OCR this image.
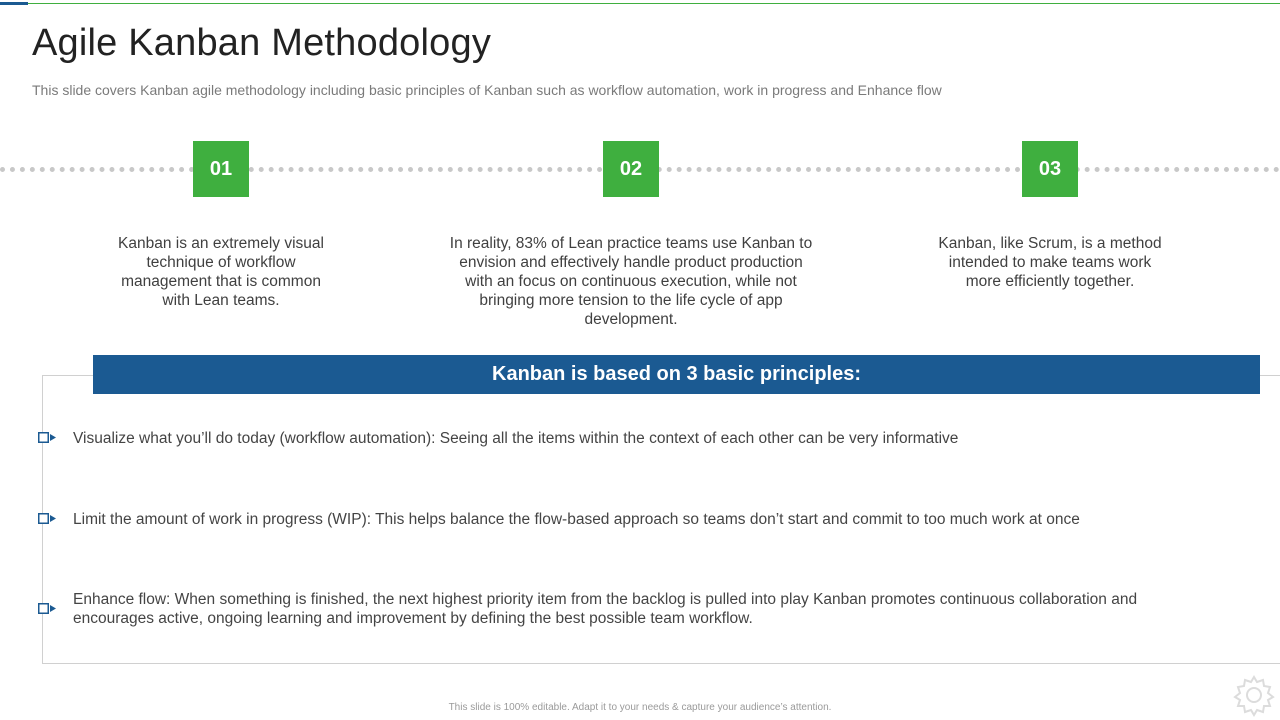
Agile Kanban Methodology
This slide covers Kanban agile methodology including basic principles of Kanban such as workflow automation, work in progress and Enhance flow
01	02	03
Kanban is an extremely visual technique of workflow management that is common with Lean teams.
In reality, 83% of Lean practice teams use Kanban to envision and effectively handle product production with an focus on continuous execution, while not bringing more tension to the life cycle of app development.
Kanban, like Scrum, is a method intended to make teams work more efficiently together.
Kanban is based on 3 basic principles:
Visualize what you’ll do today (workflow automation): Seeing all the items within the context of each other can be very informative
Limit the amount of work in progress (WIP): This helps balance the flow-based approach so teams don’t start and commit to too much work at once
Enhance flow: When something is finished, the next highest priority item from the backlog is pulled into play Kanban promotes continuous collaboration and encourages active, ongoing learning and improvement by defining the best possible team workflow.
This slide is 100% editable. Adapt it to your needs & capture your audience’s attention.
